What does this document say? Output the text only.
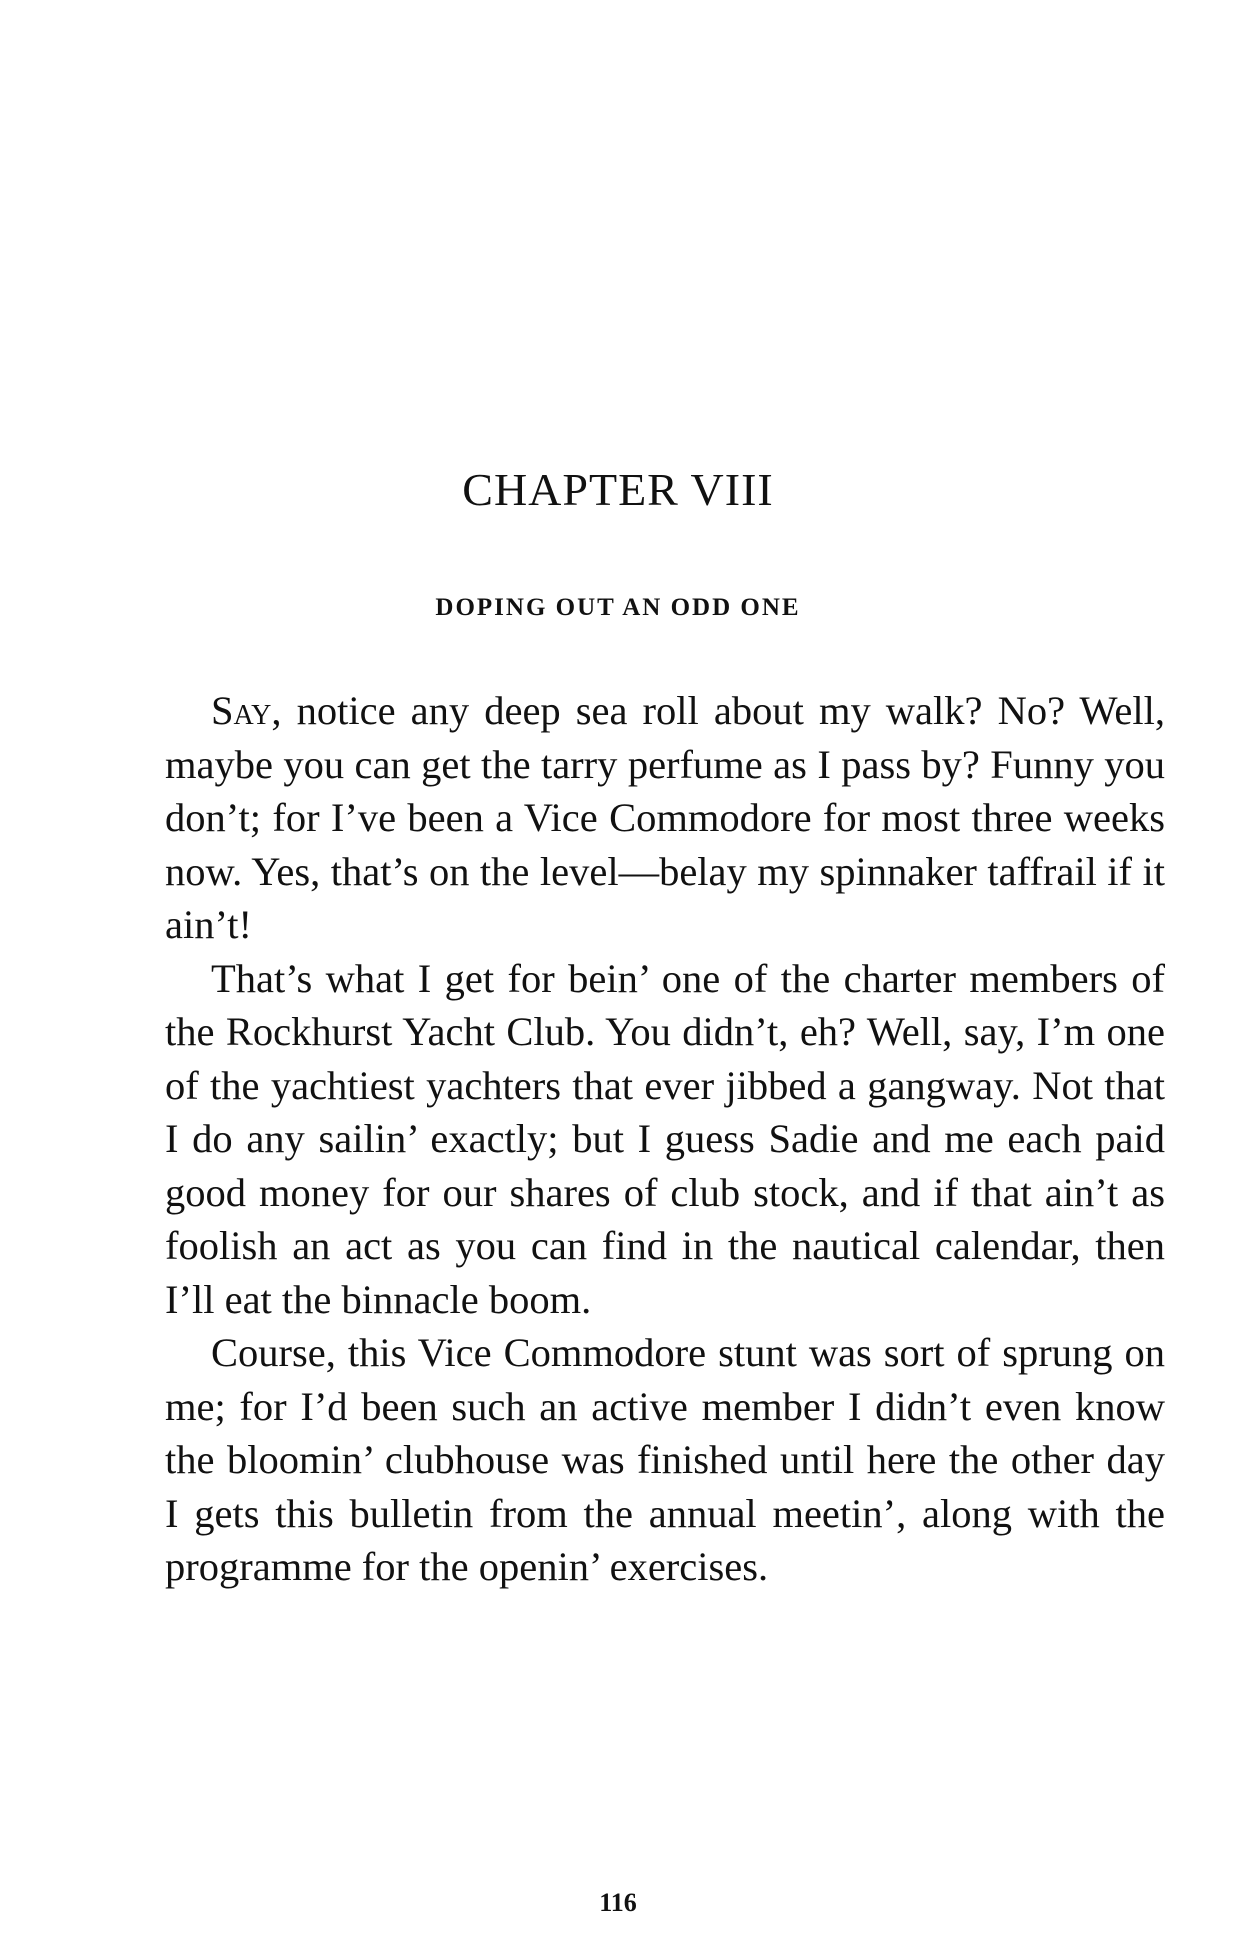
CHAPTER VIII
DOPING OUT AN ODD ONE

Say, notice any deep sea roll about my walk? No? Well, maybe you can get the tarry perfume as I pass by? Funny you don’t; for I’ve been a Vice Commodore for most three weeks now. Yes, that’s on the level—belay my spinnaker taffrail if it ain’t!

That’s what I get for bein’ one of the charter members of the Rockhurst Yacht Club. You didn’t, eh? Well, say, I’m one of the yachtiest yachters that ever jibbed a gangway. Not that I do any sailin’ exactly; but I guess Sadie and me each paid good money for our shares of club stock, and if that ain’t as foolish an act as you can find in the nautical calendar, then I’ll eat the binnacle boom.

Course, this Vice Commodore stunt was sort of sprung on me; for I’d been such an active member I didn’t even know the bloomin’ clubhouse was finished until here the other day I gets this bulletin from the annual meetin’, along with the programme for the openin’ exercises.

116
